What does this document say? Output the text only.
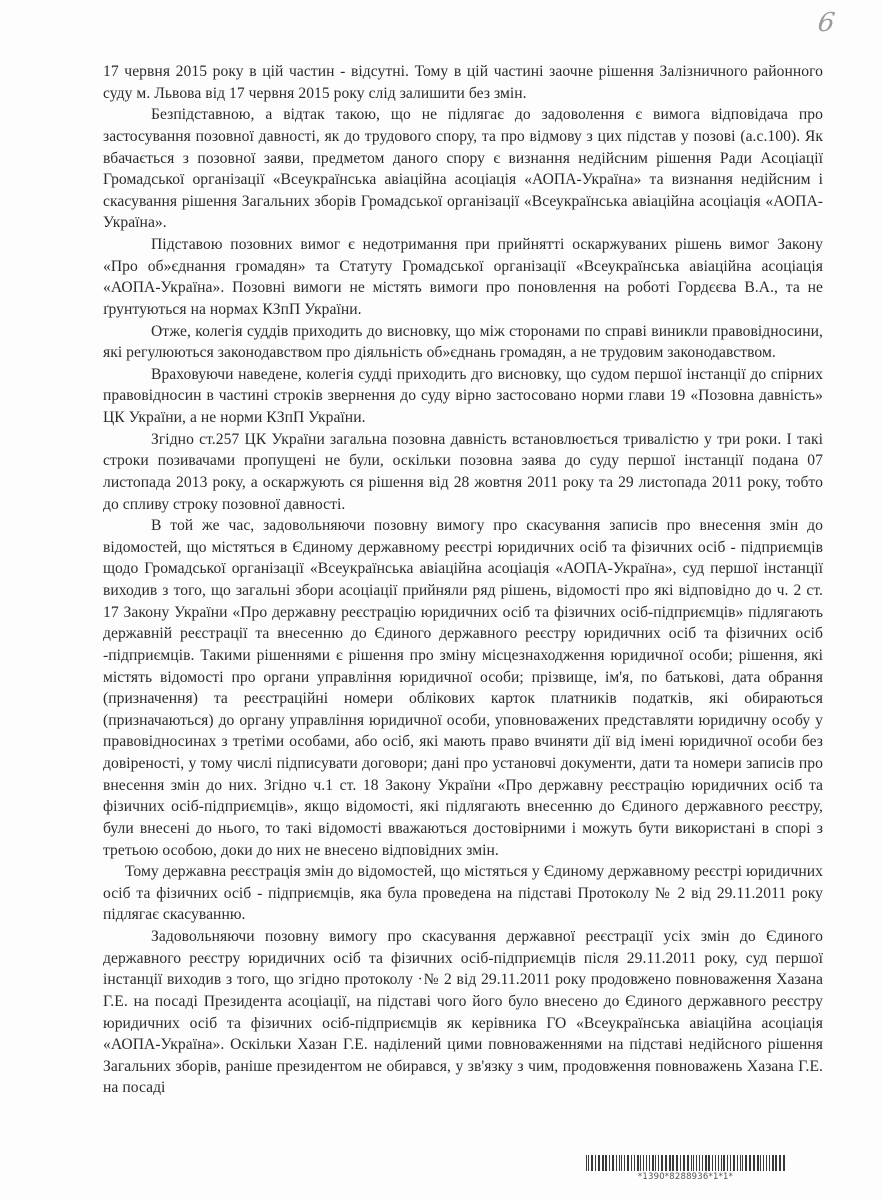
6

17 червня 2015 року в цій частин - відсутні. Тому в цій частині заочне рішення Залізничного районного суду м. Львова від 17 червня 2015 року слід залишити без змін.

Безпідставною, а відтак такою, що не підлягає до задоволення є вимога відповідача про застосування позовної давності, як до трудового спору, та про відмову з цих підстав у позові (а.с.100). Як вбачається з позовної заяви, предметом даного спору є визнання недійсним рішення Ради Асоціації Громадської організації «Всеукраїнська авіаційна асоціація «АОПА-Україна» та визнання недійсним і скасування рішення Загальних зборів Громадської організації «Всеукраїнська авіаційна асоціація «АОПА-Україна».

Підставою позовних вимог є недотримання при прийнятті оскаржуваних рішень вимог Закону «Про об»єднання громадян» та Статуту Громадської організації «Всеукраїнська авіаційна асоціація «АОПА-Україна». Позовні вимоги не містять вимоги про поновлення на роботі Гордєєва В.А., та не ґрунтуються на нормах КЗпП України.

Отже, колегія суддів приходить до висновку, що між сторонами по справі виникли правовідносини, які регулюються законодавством про діяльність об»єднань громадян, а не трудовим законодавством.

Враховуючи наведене, колегія судді приходить дго висновку, що судом першої інстанції до спірних правовідносин в частині строків звернення до суду вірно застосовано норми глави 19 «Позовна давність» ЦК України, а не норми КЗпП України.

Згідно ст.257 ЦК України загальна позовна давність встановлюється тривалістю у три роки. І такі строки позивачами пропущені не були, оскільки позовна заява до суду першої інстанції подана 07 листопада 2013 року, а оскаржують ся рішення від 28 жовтня 2011 року та 29 листопада 2011 року, тобто до спливу строку позовної давності.

В той же час, задовольняючи позовну вимогу про скасування записів про внесення змін до відомостей, що містяться в Єдиному державному реєстрі юридичних осіб та фізичних осіб - підприємців щодо Громадської організації «Всеукраїнська авіаційна асоціація «АОПА-Україна», суд першої інстанції виходив з того, що загальні збори асоціації прийняли ряд рішень, відомості про які відповідно до ч. 2 ст. 17 Закону України «Про державну реєстрацію юридичних осіб та фізичних осіб-підприємців» підлягають державній реєстрації та внесенню до Єдиного державного реєстру юридичних осіб та фізичних осіб -підприємців. Такими рішеннями є рішення про зміну місцезнаходження юридичної особи; рішення, які містять відомості про органи управління юридичної особи; прізвище, ім'я, по батькові, дата обрання (призначення) та реєстраційні номери облікових карток платників податків, які обираються (призначаються) до органу управління юридичної особи, уповноважених представляти юридичну особу у правовідносинах з третіми особами, або осіб, які мають право вчиняти дії від імені юридичної особи без довіреності, у тому числі підписувати договори; дані про установчі документи, дати та номери записів про внесення змін до них. Згідно ч.1 ст. 18 Закону України «Про державну реєстрацію юридичних осіб та фізичних осіб-підприємців», якщо відомості, які підлягають внесенню до Єдиного державного реєстру, були внесені до нього, то такі відомості вважаються достовірними і можуть бути використані в спорі з третьою особою, доки до них не внесено відповідних змін.

Тому державна реєстрація змін до відомостей, що містяться у Єдиному державному реєстрі юридичних осіб та фізичних осіб - підприємців, яка була проведена на підставі Протоколу № 2 від 29.11.2011 року підлягає скасуванню.

Задовольняючи позовну вимогу про скасування державної реєстрації усіх змін до Єдиного державного реєстру юридичних осіб та фізичних осіб-підприємців після 29.11.2011 року, суд першої інстанції виходив з того, що згідно протоколу ·№ 2 від 29.11.2011 року продовжено повноваження Хазана Г.Е. на посаді Президента асоціації, на підставі чого його було внесено до Єдиного державного реєстру юридичних осіб та фізичних осіб-підприємців як керівника ГО «Всеукраїнська авіаційна асоціація «АОПА-Україна». Оскільки Хазан Г.Е. наділений цими повноваженнями на підставі недійсного рішення Загальних зборів, раніше президентом не обирався, у зв'язку з чим, продовження повноважень Хазана Г.Е. на посаді

*1390*8288936*1*1*
